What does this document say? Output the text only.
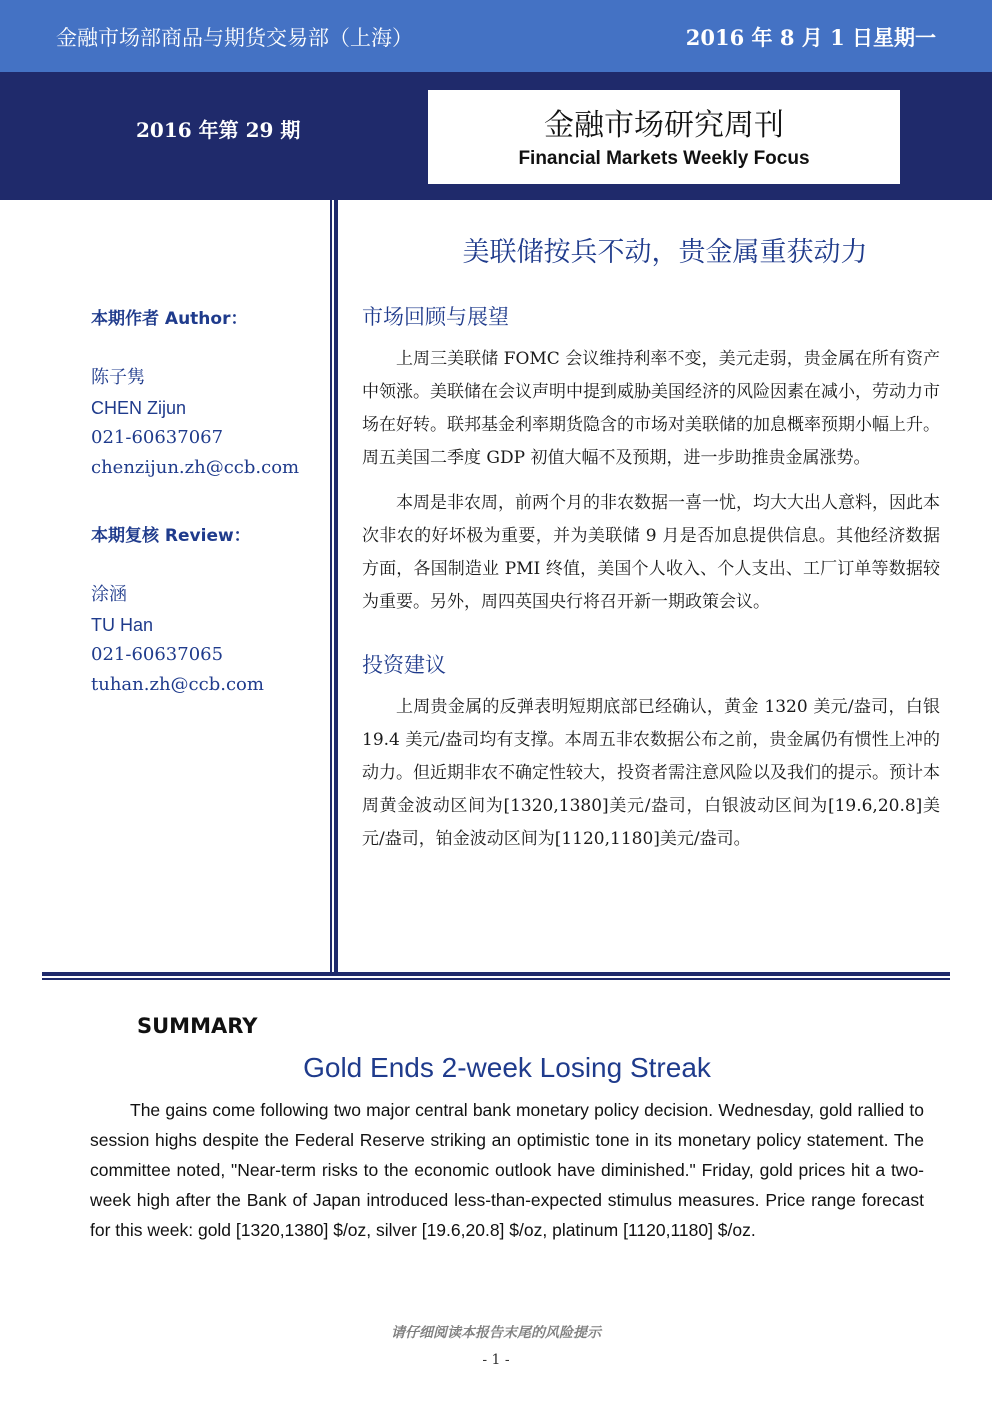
金融市场部商品与期货交易部（上海）	2016 年 8 月 1 日星期一
2016 年第 29 期	金融市场研究周刊
Financial Markets Weekly Focus
本期作者 Author：
陈子隽
CHEN Zijun
021-60637067
chenzijun.zh@ccb.com
本期复核 Review：
涂涵
TU Han
021-60637065
tuhan.zh@ccb.com
美联储按兵不动，贵金属重获动力
市场回顾与展望

上周三美联储 FOMC 会议维持利率不变，美元走弱，贵金属在所有资产中领涨。美联储在会议声明中提到威胁美国经济的风险因素在减小，劳动力市场在好转。联邦基金利率期货隐含的市场对美联储的加息概率预期小幅上升。周五美国二季度 GDP 初值大幅不及预期，进一步助推贵金属涨势。

本周是非农周，前两个月的非农数据一喜一忧，均大大出人意料，因此本次非农的好坏极为重要，并为美联储 9 月是否加息提供信息。其他经济数据方面，各国制造业 PMI 终值，美国个人收入、个人支出、工厂订单等数据较为重要。另外，周四英国央行将召开新一期政策会议。

投资建议

上周贵金属的反弹表明短期底部已经确认，黄金 1320 美元/盎司，白银 19.4 美元/盎司均有支撑。本周五非农数据公布之前，贵金属仍有惯性上冲的动力。但近期非农不确定性较大，投资者需注意风险以及我们的提示。预计本周黄金波动区间为[1320,1380]美元/盎司，白银波动区间为[19.6,20.8]美元/盎司，铂金波动区间为[1120,1180]美元/盎司。

SUMMARY
Gold Ends 2-week Losing Streak

The gains come following two major central bank monetary policy decision. Wednesday, gold rallied to session highs despite the Federal Reserve striking an optimistic tone in its monetary policy statement. The committee noted, "Near-term risks to the economic outlook have diminished." Friday, gold prices hit a two-week high after the Bank of Japan introduced less-than-expected stimulus measures. Price range forecast for this week: gold [1320,1380] $/oz, silver [19.6,20.8] $/oz, platinum [1120,1180] $/oz.

请仔细阅读本报告末尾的风险提示
- 1 -
